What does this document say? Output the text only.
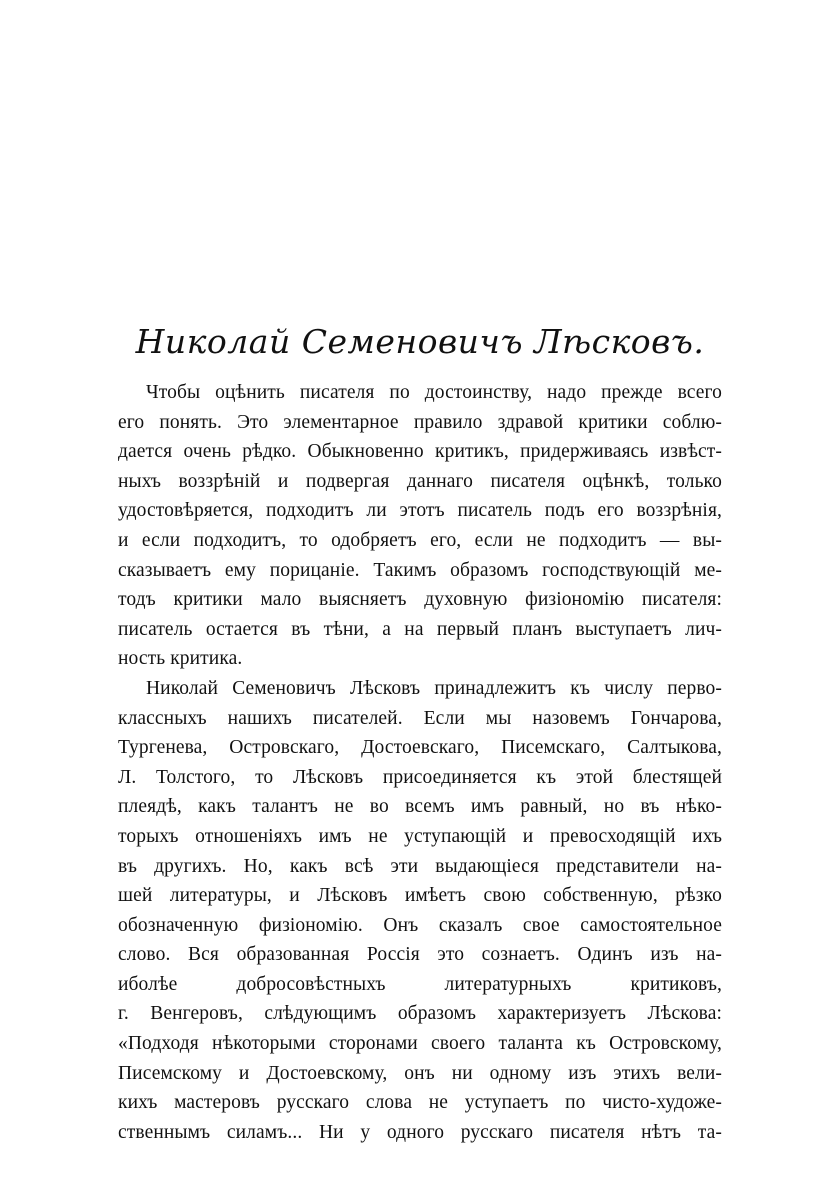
Николай Семеновичъ Лѣсковъ.
Чтобы оцѣнить писателя по достоинству, надо прежде всего
его понять. Это элементарное правило здравой критики соблю-
дается очень рѣдко. Обыкновенно критикъ, придерживаясь извѣст-
ныхъ воззрѣній и подвергая даннаго писателя оцѣнкѣ, только
удостовѣряется, подходитъ ли этотъ писатель подъ его воззрѣнія,
и если подходитъ, то одобряетъ его, если не подходитъ — вы-
сказываетъ ему порицаніе. Такимъ образомъ господствующій ме-
тодъ критики мало выясняетъ духовную физіономію писателя:
писатель остается въ тѣни, а на первый планъ выступаетъ лич-
ность критика.
Николай Семеновичъ Лѣсковъ принадлежитъ къ числу перво-
классныхъ нашихъ писателей. Если мы назовемъ Гончарова,
Тургенева, Островскаго, Достоевскаго, Писемскаго, Салтыкова,
Л. Толстого, то Лѣсковъ присоединяется къ этой блестящей
плеядѣ, какъ талантъ не во всемъ имъ равный, но въ нѣко-
торыхъ отношеніяхъ имъ не уступающій и превосходящій ихъ
въ другихъ. Но, какъ всѣ эти выдающіеся представители на-
шей литературы, и Лѣсковъ имѣетъ свою собственную, рѣзко
обозначенную физіономію. Онъ сказалъ свое самостоятельное
слово. Вся образованная Россія это сознаетъ. Одинъ изъ на-
иболѣе добросовѣстныхъ литературныхъ критиковъ,
г. Венгеровъ, слѣдующимъ образомъ характеризуетъ Лѣскова:
«Подходя нѣкоторыми сторонами своего таланта къ Островскому,
Писемскому и Достоевскому, онъ ни одному изъ этихъ вели-
кихъ мастеровъ русскаго слова не уступаетъ по чисто-художе-
ственнымъ силамъ... Ни у одного русскаго писателя нѣтъ та-
